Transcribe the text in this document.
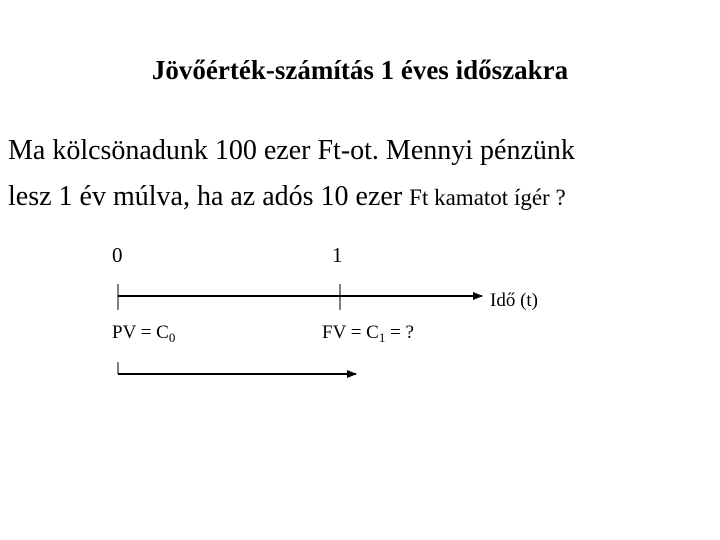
Jövőérték-számítás 1 éves időszakra
Ma kölcsönadunk 100 ezer Ft-ot. Mennyi pénzünk
lesz 1 év múlva, ha az adós 10 ezer Ft kamatot ígér ?
0	1
Idő (t)
PV = $C_0$	FV = $C_1$ = ?
